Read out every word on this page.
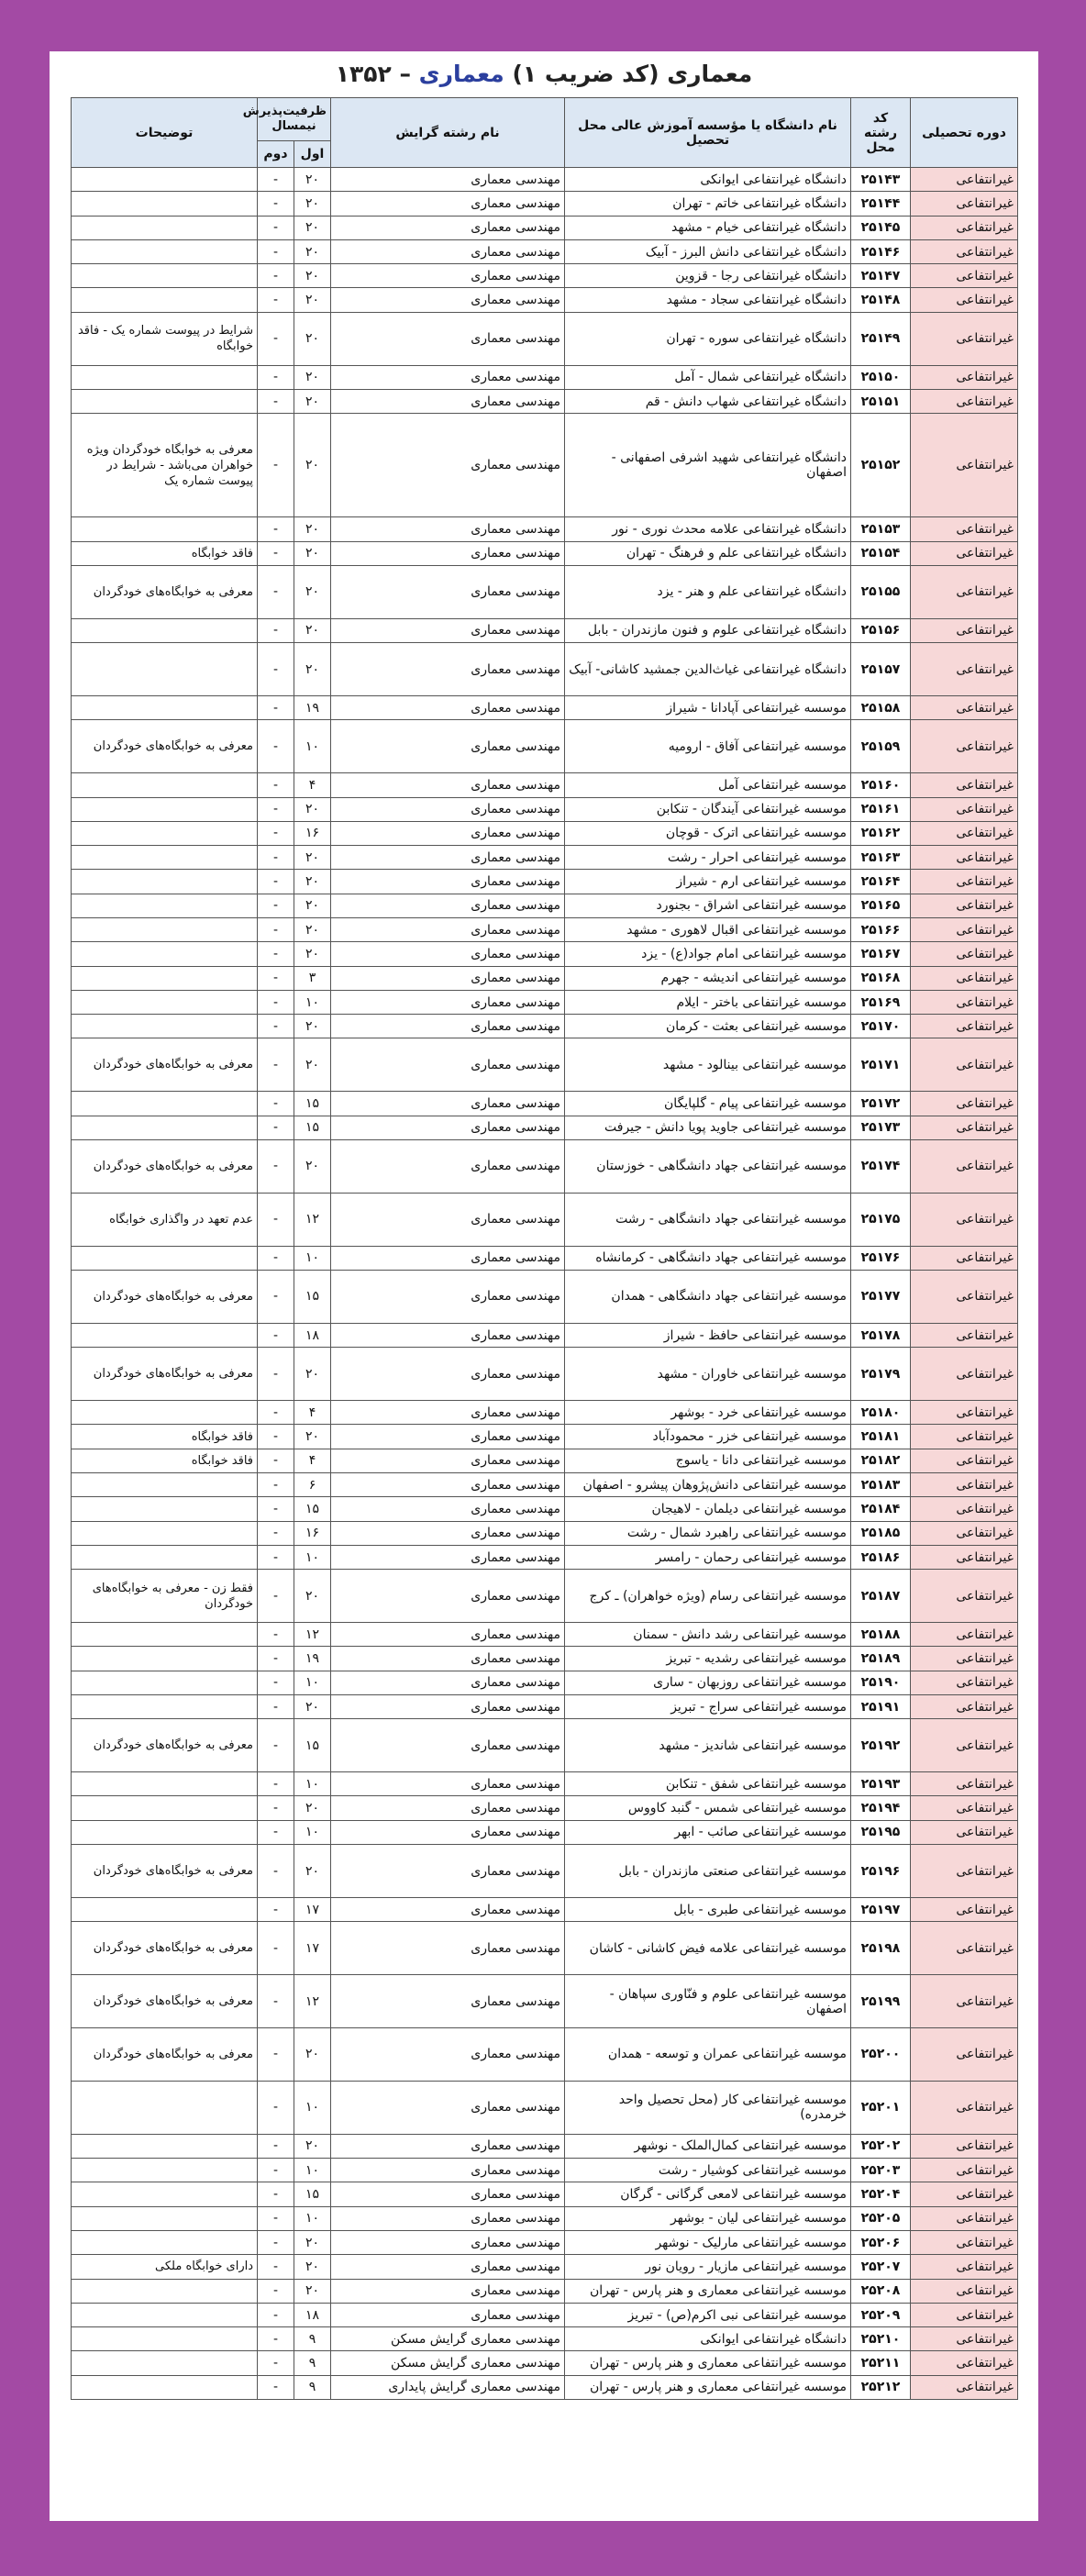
۱۳۵۲ – معماری (کد ضریب ۱) معماری
دوره تحصیلی	کد رشته محل	نام دانشگاه یا مؤسسه آموزش عالی محل تحصیل	نام رشته گرایش	ظرفیت‌پذیرش نیمسال		توضیحات
				اول	دوم	
غیرانتفاعی	۲۵۱۴۳	دانشگاه غیرانتفاعی ایوانکی	مهندسی معماری	۲۰	-	
غیرانتفاعی	۲۵۱۴۴	دانشگاه غیرانتفاعی خاتم - تهران	مهندسی معماری	۲۰	-	
غیرانتفاعی	۲۵۱۴۵	دانشگاه غیرانتفاعی خیام - مشهد	مهندسی معماری	۲۰	-	
غیرانتفاعی	۲۵۱۴۶	دانشگاه غیرانتفاعی دانش البرز - آبیک	مهندسی معماری	۲۰	-	
غیرانتفاعی	۲۵۱۴۷	دانشگاه غیرانتفاعی رجا - قزوین	مهندسی معماری	۲۰	-	
غیرانتفاعی	۲۵۱۴۸	دانشگاه غیرانتفاعی سجاد - مشهد	مهندسی معماری	۲۰	-	
غیرانتفاعی	۲۵۱۴۹	دانشگاه غیرانتفاعی سوره - تهران	مهندسی معماری	۲۰	-	شرایط در پیوست شماره یک - فاقد خوابگاه
غیرانتفاعی	۲۵۱۵۰	دانشگاه غیرانتفاعی شمال - آمل	مهندسی معماری	۲۰	-	
غیرانتفاعی	۲۵۱۵۱	دانشگاه غیرانتفاعی شهاب دانش - قم	مهندسی معماری	۲۰	-	
غیرانتفاعی	۲۵۱۵۲	دانشگاه غیرانتفاعی شهید اشرفی اصفهانی - اصفهان	مهندسی معماری	۲۰	-	معرفی به خوابگاه خودگردان ویژه خواهران می‌باشد - شرایط در پیوست شماره یک
غیرانتفاعی	۲۵۱۵۳	دانشگاه غیرانتفاعی علامه محدث نوری - نور	مهندسی معماری	۲۰	-	
غیرانتفاعی	۲۵۱۵۴	دانشگاه غیرانتفاعی علم و فرهنگ - تهران	مهندسی معماری	۲۰	-	فاقد خوابگاه
غیرانتفاعی	۲۵۱۵۵	دانشگاه غیرانتفاعی علم و هنر - یزد	مهندسی معماری	۲۰	-	معرفی به خوابگاه‌های خودگردان
غیرانتفاعی	۲۵۱۵۶	دانشگاه غیرانتفاعی علوم و فنون مازندران - بابل	مهندسی معماری	۲۰	-	
غیرانتفاعی	۲۵۱۵۷	دانشگاه غیرانتفاعی غیاث‌الدین جمشید کاشانی- آبیک	مهندسی معماری	۲۰	-	
غیرانتفاعی	۲۵۱۵۸	موسسه غیرانتفاعی آپادانا - شیراز	مهندسی معماری	۱۹	-	
غیرانتفاعی	۲۵۱۵۹	موسسه غیرانتفاعی آفاق - ارومیه	مهندسی معماری	۱۰	-	معرفی به خوابگاه‌های خودگردان
غیرانتفاعی	۲۵۱۶۰	موسسه غیرانتفاعی آمل	مهندسی معماری	۴	-	
غیرانتفاعی	۲۵۱۶۱	موسسه غیرانتفاعی آیندگان - تنکابن	مهندسی معماری	۲۰	-	
غیرانتفاعی	۲۵۱۶۲	موسسه غیرانتفاعی اترک - قوچان	مهندسی معماری	۱۶	-	
غیرانتفاعی	۲۵۱۶۳	موسسه غیرانتفاعی احرار - رشت	مهندسی معماری	۲۰	-	
غیرانتفاعی	۲۵۱۶۴	موسسه غیرانتفاعی ارم - شیراز	مهندسی معماری	۲۰	-	
غیرانتفاعی	۲۵۱۶۵	موسسه غیرانتفاعی اشراق - بجنورد	مهندسی معماری	۲۰	-	
غیرانتفاعی	۲۵۱۶۶	موسسه غیرانتفاعی اقبال لاهوری - مشهد	مهندسی معماری	۲۰	-	
غیرانتفاعی	۲۵۱۶۷	موسسه غیرانتفاعی امام جواد(ع) - یزد	مهندسی معماری	۲۰	-	
غیرانتفاعی	۲۵۱۶۸	موسسه غیرانتفاعی اندیشه - جهرم	مهندسی معماری	۳	-	
غیرانتفاعی	۲۵۱۶۹	موسسه غیرانتفاعی باختر - ایلام	مهندسی معماری	۱۰	-	
غیرانتفاعی	۲۵۱۷۰	موسسه غیرانتفاعی بعثت - کرمان	مهندسی معماری	۲۰	-	
غیرانتفاعی	۲۵۱۷۱	موسسه غیرانتفاعی بینالود - مشهد	مهندسی معماری	۲۰	-	معرفی به خوابگاه‌های خودگردان
غیرانتفاعی	۲۵۱۷۲	موسسه غیرانتفاعی پیام - گلپایگان	مهندسی معماری	۱۵	-	
غیرانتفاعی	۲۵۱۷۳	موسسه غیرانتفاعی جاوید پویا دانش - جیرفت	مهندسی معماری	۱۵	-	
غیرانتفاعی	۲۵۱۷۴	موسسه غیرانتفاعی جهاد دانشگاهی - خوزستان	مهندسی معماری	۲۰	-	معرفی به خوابگاه‌های خودگردان
غیرانتفاعی	۲۵۱۷۵	موسسه غیرانتفاعی جهاد دانشگاهی - رشت	مهندسی معماری	۱۲	-	عدم تعهد در واگذاری خوابگاه
غیرانتفاعی	۲۵۱۷۶	موسسه غیرانتفاعی جهاد دانشگاهی - کرمانشاه	مهندسی معماری	۱۰	-	
غیرانتفاعی	۲۵۱۷۷	موسسه غیرانتفاعی جهاد دانشگاهی - همدان	مهندسی معماری	۱۵	-	معرفی به خوابگاه‌های خودگردان
غیرانتفاعی	۲۵۱۷۸	موسسه غیرانتفاعی حافظ - شیراز	مهندسی معماری	۱۸	-	
غیرانتفاعی	۲۵۱۷۹	موسسه غیرانتفاعی خاوران - مشهد	مهندسی معماری	۲۰	-	معرفی به خوابگاه‌های خودگردان
غیرانتفاعی	۲۵۱۸۰	موسسه غیرانتفاعی خرد - بوشهر	مهندسی معماری	۴	-	
غیرانتفاعی	۲۵۱۸۱	موسسه غیرانتفاعی خزر - محمودآباد	مهندسی معماری	۲۰	-	فاقد خوابگاه
غیرانتفاعی	۲۵۱۸۲	موسسه غیرانتفاعی دانا - یاسوج	مهندسی معماری	۴	-	فاقد خوابگاه
غیرانتفاعی	۲۵۱۸۳	موسسه غیرانتفاعی دانش‌پژوهان پیشرو - اصفهان	مهندسی معماری	۶	-	
غیرانتفاعی	۲۵۱۸۴	موسسه غیرانتفاعی دیلمان - لاهیجان	مهندسی معماری	۱۵	-	
غیرانتفاعی	۲۵۱۸۵	موسسه غیرانتفاعی راهبرد شمال - رشت	مهندسی معماری	۱۶	-	
غیرانتفاعی	۲۵۱۸۶	موسسه غیرانتفاعی رحمان - رامسر	مهندسی معماری	۱۰	-	
غیرانتفاعی	۲۵۱۸۷	موسسه غیرانتفاعی رسام (ویژه خواهران) ـ کرج	مهندسی معماری	۲۰	-	فقط زن - معرفی به خوابگاه‌های خودگردان
غیرانتفاعی	۲۵۱۸۸	موسسه غیرانتفاعی رشد دانش - سمنان	مهندسی معماری	۱۲	-	
غیرانتفاعی	۲۵۱۸۹	موسسه غیرانتفاعی رشدیه - تبریز	مهندسی معماری	۱۹	-	
غیرانتفاعی	۲۵۱۹۰	موسسه غیرانتفاعی روزبهان - ساری	مهندسی معماری	۱۰	-	
غیرانتفاعی	۲۵۱۹۱	موسسه غیرانتفاعی سراج - تبریز	مهندسی معماری	۲۰	-	
غیرانتفاعی	۲۵۱۹۲	موسسه غیرانتفاعی شاندیز - مشهد	مهندسی معماری	۱۵	-	معرفی به خوابگاه‌های خودگردان
غیرانتفاعی	۲۵۱۹۳	موسسه غیرانتفاعی شفق - تنکابن	مهندسی معماری	۱۰	-	
غیرانتفاعی	۲۵۱۹۴	موسسه غیرانتفاعی شمس - گنبد کاووس	مهندسی معماری	۲۰	-	
غیرانتفاعی	۲۵۱۹۵	موسسه غیرانتفاعی صائب - ابهر	مهندسی معماری	۱۰	-	
غیرانتفاعی	۲۵۱۹۶	موسسه غیرانتفاعی صنعتی مازندران - بابل	مهندسی معماری	۲۰	-	معرفی به خوابگاه‌های خودگردان
غیرانتفاعی	۲۵۱۹۷	موسسه غیرانتفاعی طبری - بابل	مهندسی معماری	۱۷	-	
غیرانتفاعی	۲۵۱۹۸	موسسه غیرانتفاعی علامه فیض کاشانی - کاشان	مهندسی معماری	۱۷	-	معرفی به خوابگاه‌های خودگردان
غیرانتفاعی	۲۵۱۹۹	موسسه غیرانتفاعی علوم و فنّاوری سپاهان - اصفهان	مهندسی معماری	۱۲	-	معرفی به خوابگاه‌های خودگردان
غیرانتفاعی	۲۵۲۰۰	موسسه غیرانتفاعی عمران و توسعه - همدان	مهندسی معماری	۲۰	-	معرفی به خوابگاه‌های خودگردان
غیرانتفاعی	۲۵۲۰۱	موسسه غیرانتفاعی کار (محل تحصیل واحد خرمدره)	مهندسی معماری	۱۰	-	
غیرانتفاعی	۲۵۲۰۲	موسسه غیرانتفاعی کمال‌الملک - نوشهر	مهندسی معماری	۲۰	-	
غیرانتفاعی	۲۵۲۰۳	موسسه غیرانتفاعی کوشیار - رشت	مهندسی معماری	۱۰	-	
غیرانتفاعی	۲۵۲۰۴	موسسه غیرانتفاعی لامعی گرگانی - گرگان	مهندسی معماری	۱۵	-	
غیرانتفاعی	۲۵۲۰۵	موسسه غیرانتفاعی لیان - بوشهر	مهندسی معماری	۱۰	-	
غیرانتفاعی	۲۵۲۰۶	موسسه غیرانتفاعی مارلیک - نوشهر	مهندسی معماری	۲۰	-	
غیرانتفاعی	۲۵۲۰۷	موسسه غیرانتفاعی مازیار - رویان نور	مهندسی معماری	۲۰	-	دارای خوابگاه ملکی
غیرانتفاعی	۲۵۲۰۸	موسسه غیرانتفاعی معماری و هنر پارس - تهران	مهندسی معماری	۲۰	-	
غیرانتفاعی	۲۵۲۰۹	موسسه غیرانتفاعی نبی اکرم(ص) - تبریز	مهندسی معماری	۱۸	-	
غیرانتفاعی	۲۵۲۱۰	دانشگاه غیرانتفاعی ایوانکی	مهندسی معماری گرایش مسکن	۹	-	
غیرانتفاعی	۲۵۲۱۱	موسسه غیرانتفاعی معماری و هنر پارس - تهران	مهندسی معماری گرایش مسکن	۹	-	
غیرانتفاعی	۲۵۲۱۲	موسسه غیرانتفاعی معماری و هنر پارس - تهران	مهندسی معماری گرایش پایداری	۹	-	
